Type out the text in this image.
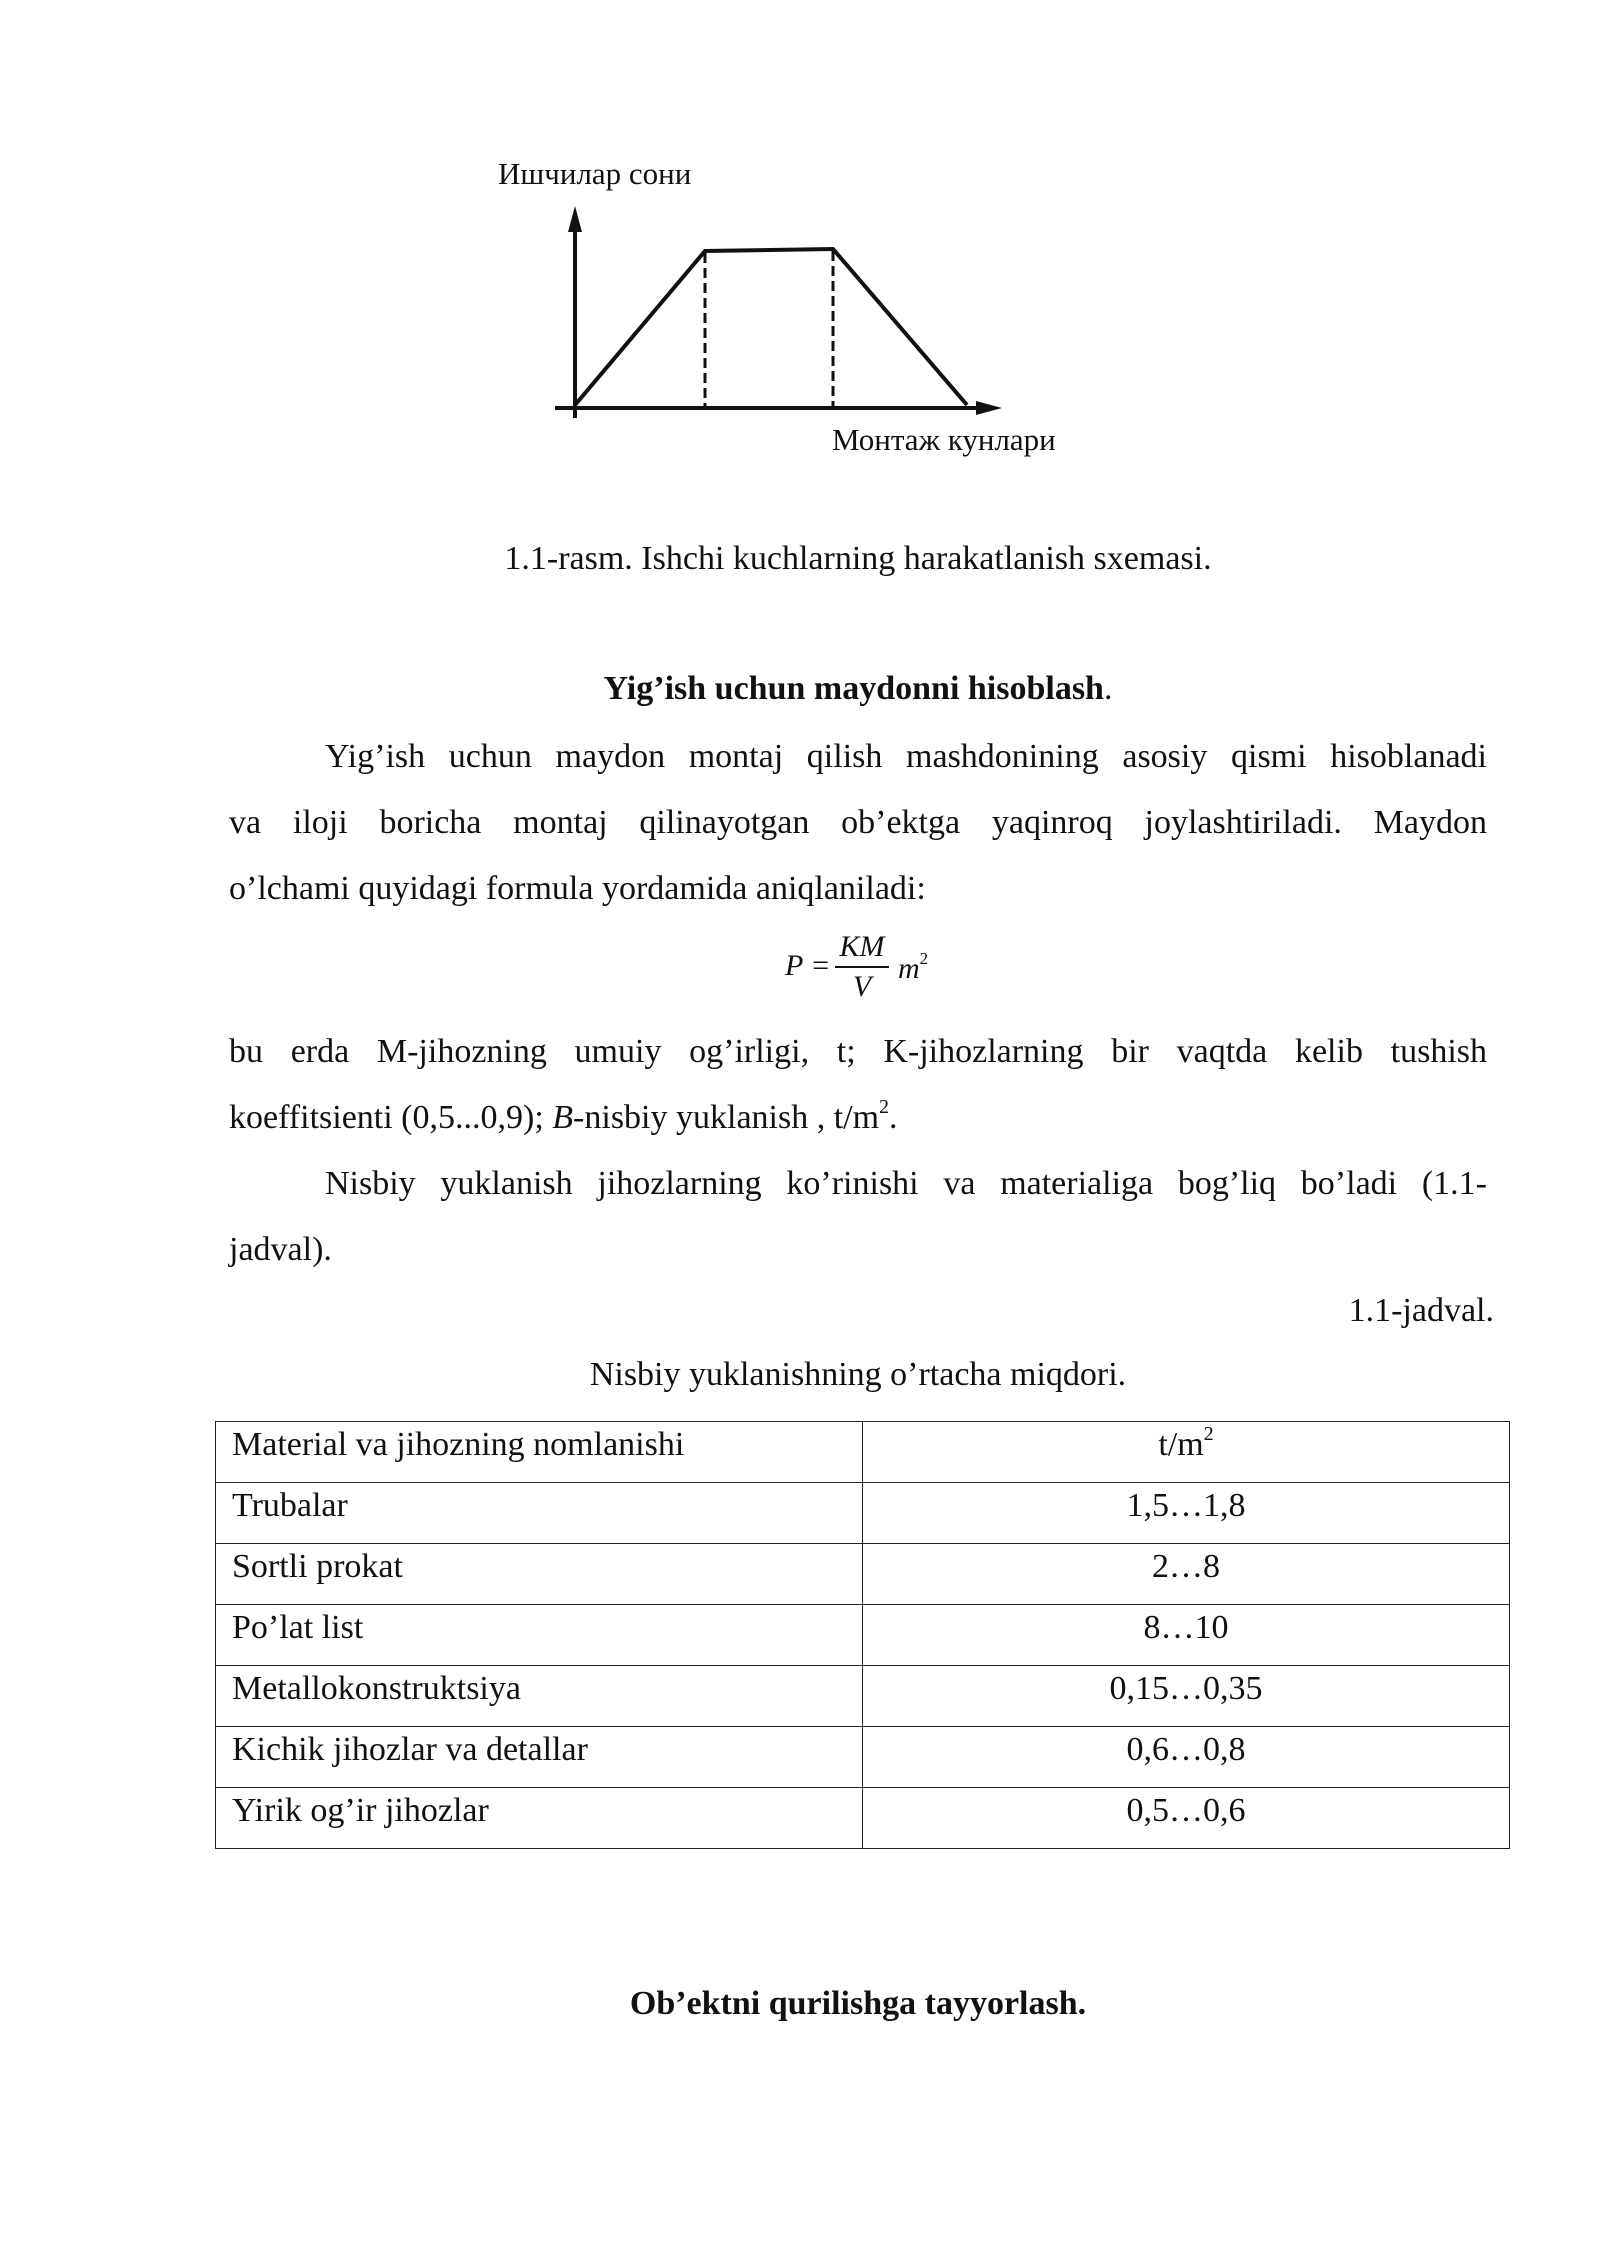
Ишчилар сони
Монтаж кунлари
1.1-rasm. Ishchi kuchlarning harakatlanish sxemasi.
Yig’ish uchun maydonni hisoblash.
Yig’ish uchun maydon montaj qilish mashdonining asosiy qismi hisoblanadi
va iloji boricha montaj qilinayotgan ob’ektga yaqinroq joylashtiriladi. Maydon
o’lchami quyidagi formula yordamida aniqlaniladi:
P =
KM
V
$m^2$
bu erda M-jihozning umuiy og’irligi, t; K-jihozlarning bir vaqtda kelib tushish
koeffitsienti (0,5...0,9); B-nisbiy yuklanish , $t/m^2$.
Nisbiy yuklanish jihozlarning ko’rinishi va materialiga bog’liq bo’ladi (1.1-
jadval).
1.1-jadval.
Nisbiy yuklanishning o’rtacha miqdori.
Material va jihozning nomlanishi	$t/m^2$
Trubalar	1,5…1,8
Sortli prokat	2…8
Po’lat list	8…10
Metallokonstruktsiya	0,15…0,35
Kichik jihozlar va detallar	0,6…0,8
Yirik og’ir jihozlar	0,5…0,6
Ob’ektni qurilishga tayyorlash.
